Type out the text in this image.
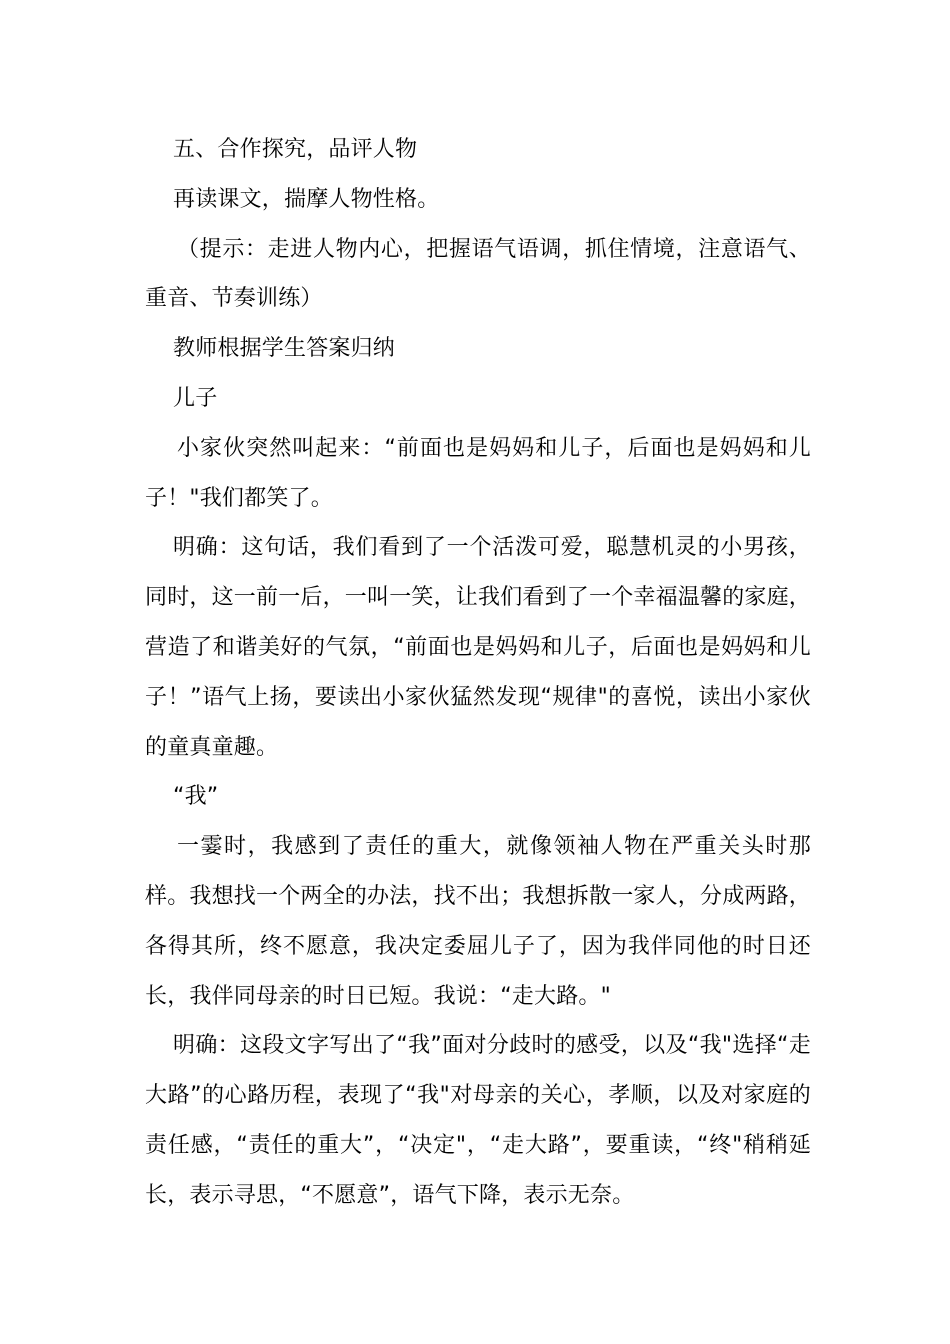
五、合作探究，品评人物

再读课文，揣摩人物性格。

（提示：走进人物内心，把握语气语调，抓住情境，注意语气、重音、节奏训练）

教师根据学生答案归纳

儿子

小家伙突然叫起来：“前面也是妈妈和儿子，后面也是妈妈和儿子！"我们都笑了。

明确：这句话，我们看到了一个活泼可爱，聪慧机灵的小男孩，同时，这一前一后，一叫一笑，让我们看到了一个幸福温馨的家庭，营造了和谐美好的气氛，“前面也是妈妈和儿子，后面也是妈妈和儿子！”语气上扬，要读出小家伙猛然发现“规律"的喜悦，读出小家伙的童真童趣。

“我”

一霎时，我感到了责任的重大，就像领袖人物在严重关头时那样。我想找一个两全的办法，找不出；我想拆散一家人，分成两路，各得其所，终不愿意，我决定委屈儿子了，因为我伴同他的时日还长，我伴同母亲的时日已短。我说：“走大路。"

明确：这段文字写出了“我”面对分歧时的感受，以及“我"选择“走大路”的心路历程，表现了“我"对母亲的关心，孝顺，以及对家庭的责任感，“责任的重大”，“决定"，“走大路”，要重读，“终"稍稍延长，表示寻思，“不愿意”，语气下降，表示无奈。
